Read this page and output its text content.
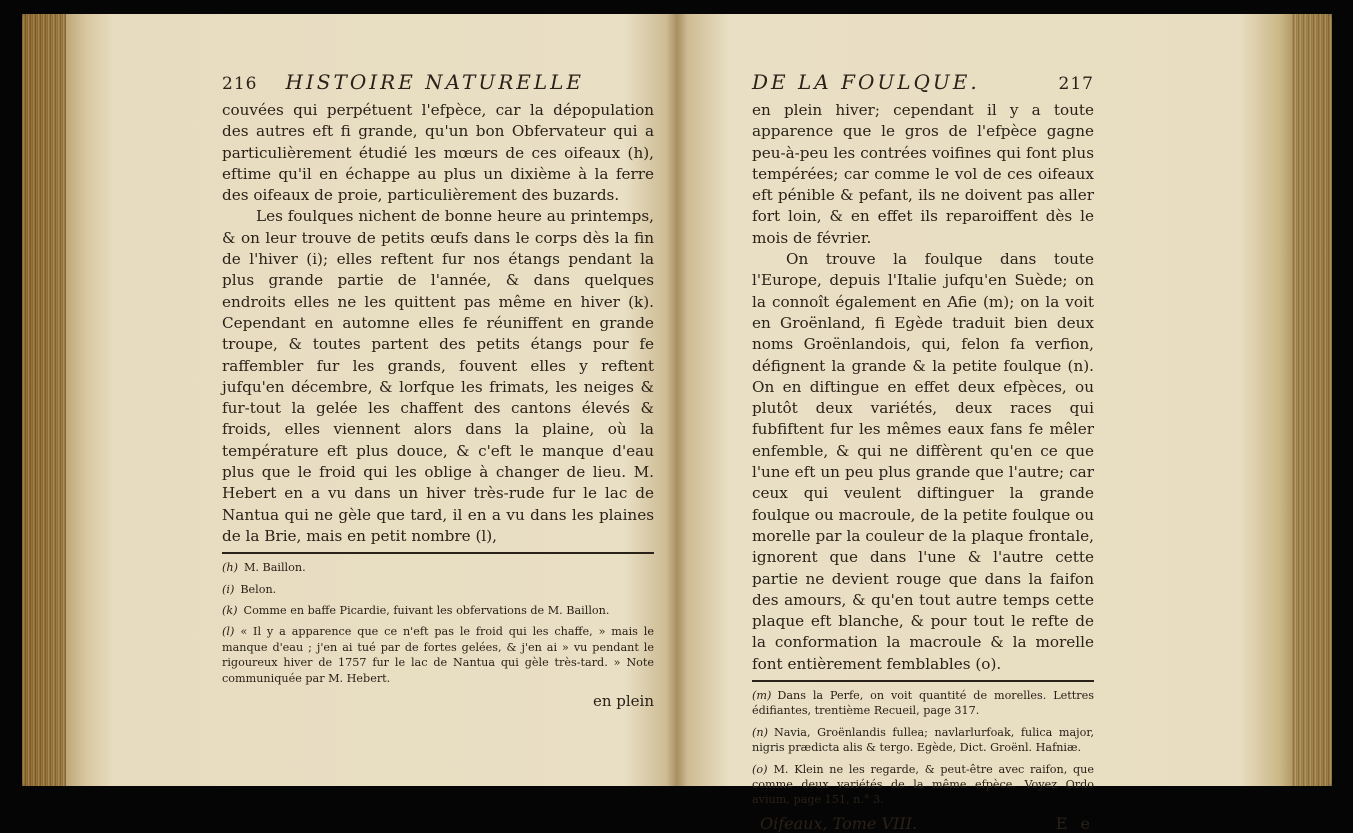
216 HISTOIRE NATURELLE

couvées qui perpétuent l'efpèce, car la dépopulation des autres eft fi grande, qu'un bon Obfervateur qui a particulièrement étudié les mœurs de ces oifeaux (h), eftime qu'il en échappe au plus un dixième à la ferre des oifeaux de proie, particulièrement des buzards.

Les foulques nichent de bonne heure au printemps, & on leur trouve de petits œufs dans le corps dès la fin de l'hiver (i); elles reftent fur nos étangs pendant la plus grande partie de l'année, & dans quelques endroits elles ne les quittent pas même en hiver (k). Cependant en automne elles fe réuniffent en grande troupe, & toutes partent des petits étangs pour fe raffembler fur les grands, fouvent elles y reftent jufqu'en décembre, & lorfque les frimats, les neiges & fur-tout la gelée les chaffent des cantons élevés & froids, elles viennent alors dans la plaine, où la température eft plus douce, & c'eft le manque d'eau plus que le froid qui les oblige à changer de lieu. M. Hebert en a vu dans un hiver très-rude fur le lac de Nantua qui ne gèle que tard, il en a vu dans les plaines de la Brie, mais en petit nombre (l),

(h) M. Baillon.

(i) Belon.

(k) Comme en baffe Picardie, fuivant les obfervations de M. Baillon.

(l) « Il y a apparence que ce n'eft pas le froid qui les chaffe, » mais le manque d'eau ; j'en ai tué par de fortes gelées, & j'en ai » vu pendant le rigoureux hiver de 1757 fur le lac de Nantua qui gèle très-tard. » Note communiquée par M. Hebert.

en plein
DE LA FOULQUE.	217

en plein hiver; cependant il y a toute apparence que le gros de l'efpèce gagne peu-à-peu les contrées voifines qui font plus tempérées; car comme le vol de ces oifeaux eft pénible & pefant, ils ne doivent pas aller fort loin, & en effet ils reparoiffent dès le mois de février.

On trouve la foulque dans toute l'Europe, depuis l'Italie jufqu'en Suède; on la connoît également en Afie (m); on la voit en Groënland, fi Egède traduit bien deux noms Groënlandois, qui, felon fa verfion, défignent la grande & la petite foulque (n). On en diftingue en effet deux efpèces, ou plutôt deux variétés, deux races qui fubfiftent fur les mêmes eaux fans fe mêler enfemble, & qui ne diffèrent qu'en ce que l'une eft un peu plus grande que l'autre; car ceux qui veulent diftinguer la grande foulque ou macroule, de la petite foulque ou morelle par la couleur de la plaque frontale, ignorent que dans l'une & l'autre cette partie ne devient rouge que dans la faifon des amours, & qu'en tout autre temps cette plaque eft blanche, & pour tout le refte de la conformation la macroule & la morelle font entièrement femblables (o).

(m) Dans la Perfe, on voit quantité de morelles. Lettres édifiantes, trentième Recueil, page 317.

(n) Navia, Groënlandis fullea; navlarlurfoak, fulica major, nigris prædicta alis & tergo. Egède, Dict. Groënl. Hafniæ.

(o) M. Klein ne les regarde, & peut-être avec raifon, que comme deux variétés de la même efpèce. Voyez Ordo avium, page 151, n.° 3.

Oifeaux, Tome VIII.	E e
